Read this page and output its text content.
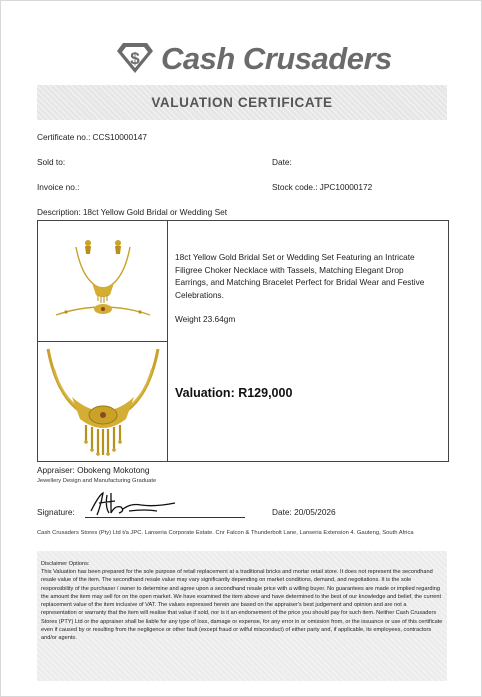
$ Cash Crusaders
VALUATION CERTIFICATE
Certificate no.: CCS10000147
Sold to:	Date:
Invoice no.:	Stock code.: JPC10000172
Description: 18ct Yellow Gold Bridal or Wedding Set
18ct Yellow Gold Bridal Set or Wedding Set Featuring an Intricate Filigree Choker Necklace with Tassels, Matching Elegant Drop Earrings, and Matching Bracelet Perfect for Bridal Wear and Festive Celebrations.
Weight 23.64gm
Valuation: R129,000
Appraiser: Obokeng Mokotong
Jewellery Design and Manufacturing Graduate
Signature:	Date: 20/05/2026
Cash Crusaders Stores (Pty) Ltd t/a JPC. Lanseria Corporate Estate. Cnr Falcon & Thunderbolt Lane, Lanseria Extension 4. Gauteng, South Africa
Disclaimer Options:
This Valuation has been prepared for the sole purpose of retail replacement at a traditional bricks and mortar retail store. It does not represent the secondhand resale value of the item. The secondhand resale value may vary significantly depending on market conditions, demand, and negotiations. It is the sole responsibility of the purchaser / owner to determine and agree upon a secondhand resale price with a willing buyer. No guarantees are made or implied regarding the amount the item may sell for on the open market. We have examined the item above and have determined to the best of our knowledge and belief, the current replacement value of the item inclusive of VAT. The values expressed herein are based on the appraiser's best judgement and opinion and are not a representation or warranty that the item will realise that value if sold, nor is it an endorsement of the price you should pay for such item. Neither Cash Crusaders Stores (PTY) Ltd or the appraiser shall be liable for any type of loss, damage or expense, for any error in or omission from, or the issuance or use of this certificate even if caused by or resulting from the negligence or other fault (except fraud or wilful misconduct) of either party and, if applicable, its employees, contractors and/or agents.
